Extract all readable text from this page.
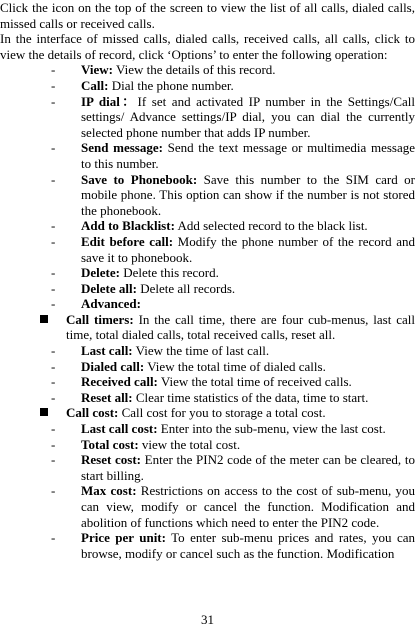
Click the icon on the top of the screen to view the list of all calls, dialed calls, missed calls or received calls.

In the interface of missed calls, dialed calls, received calls, all calls, click to view the details of record, click ‘Options’ to enter the following operation:

-	View: View the details of this record.
-	Call: Dial the phone number.
-	IP dial：If set and activated IP number in the Settings/Call settings/ Advance settings/IP dial, you can dial the currently selected phone number that adds IP number.
-	Send message: Send the text message or multimedia message to this number.
-	Save to Phonebook: Save this number to the SIM card or mobile phone. This option can show if the number is not stored the phonebook.
-	Add to Blacklist: Add selected record to the black list.
-	Edit before call: Modify the phone number of the record and save it to phonebook.
-	Delete: Delete this record.
-	Delete all: Delete all records.
-	Advanced:
Call timers: In the call time, there are four cub-menus, last call time, total dialed calls, total received calls, reset all.
-	Last call: View the time of last call.
-	Dialed call: View the total time of dialed calls.
-	Received call: View the total time of received calls.
-	Reset all: Clear time statistics of the data, time to start.
Call cost: Call cost for you to storage a total cost.
-	Last call cost: Enter into the sub-menu, view the last cost.
-	Total cost: view the total cost.
-	Reset cost: Enter the PIN2 code of the meter can be cleared, to start billing.
-	Max cost: Restrictions on access to the cost of sub-menu, you can view, modify or cancel the function. Modification and abolition of functions which need to enter the PIN2 code.
-	Price per unit: To enter sub-menu prices and rates, you can browse, modify or cancel such as the function. Modification
31
